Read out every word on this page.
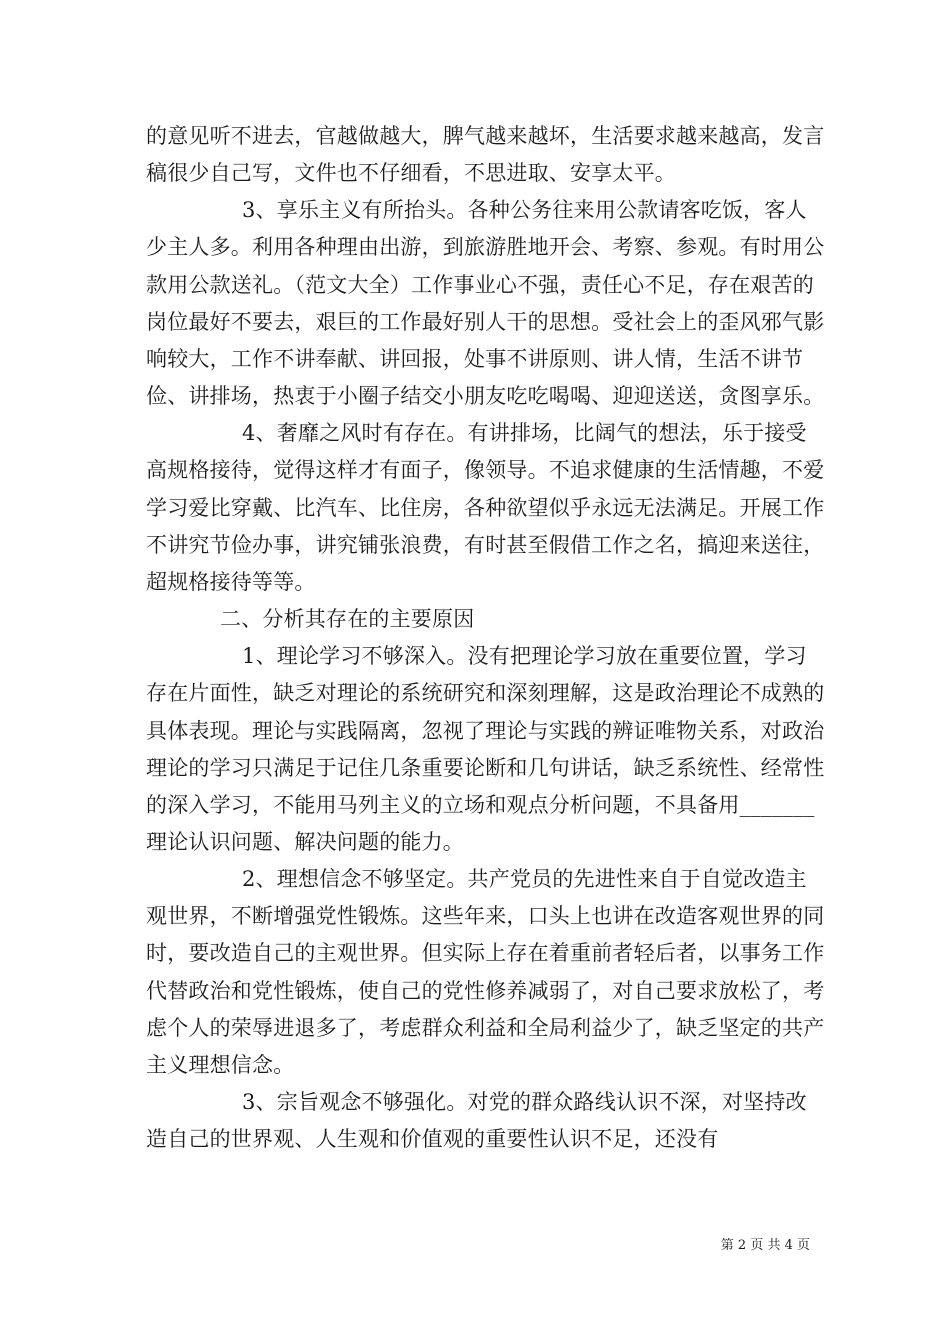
的意见听不进去，官越做越大，脾气越来越坏，生活要求越来越高，发言稿很少自己写，文件也不仔细看，不思进取、安享太平。

3、享乐主义有所抬头。各种公务往来用公款请客吃饭，客人少主人多。利用各种理由出游，到旅游胜地开会、考察、参观。有时用公款用公款送礼。（范文大全）工作事业心不强，责任心不足，存在艰苦的岗位最好不要去，艰巨的工作最好别人干的思想。受社会上的歪风邪气影响较大，工作不讲奉献、讲回报，处事不讲原则、讲人情，生活不讲节俭、讲排场，热衷于小圈子结交小朋友吃吃喝喝、迎迎送送，贪图享乐。

4、奢靡之风时有存在。有讲排场，比阔气的想法，乐于接受高规格接待，觉得这样才有面子，像领导。不追求健康的生活情趣，不爱学习爱比穿戴、比汽车、比住房，各种欲望似乎永远无法满足。开展工作不讲究节俭办事，讲究铺张浪费，有时甚至假借工作之名，搞迎来送往，超规格接待等等。

二、分析其存在的主要原因

1、理论学习不够深入。没有把理论学习放在重要位置，学习存在片面性，缺乏对理论的系统研究和深刻理解，这是政治理论不成熟的具体表现。理论与实践隔离，忽视了理论与实践的辨证唯物关系，对政治理论的学习只满足于记住几条重要论断和几句讲话，缺乏系统性、经常性的深入学习，不能用马列主义的立场和观点分析问题，不具备用_______理论认识问题、解决问题的能力。

2、理想信念不够坚定。共产党员的先进性来自于自觉改造主观世界，不断增强党性锻炼。这些年来，口头上也讲在改造客观世界的同时，要改造自己的主观世界。但实际上存在着重前者轻后者，以事务工作代替政治和党性锻炼，使自己的党性修养减弱了，对自己要求放松了，考虑个人的荣辱进退多了，考虑群众利益和全局利益少了，缺乏坚定的共产主义理想信念。

3、宗旨观念不够强化。对党的群众路线认识不深，对坚持改造自己的世界观、人生观和价值观的重要性认识不足，还没有

第 2 页 共 4 页
